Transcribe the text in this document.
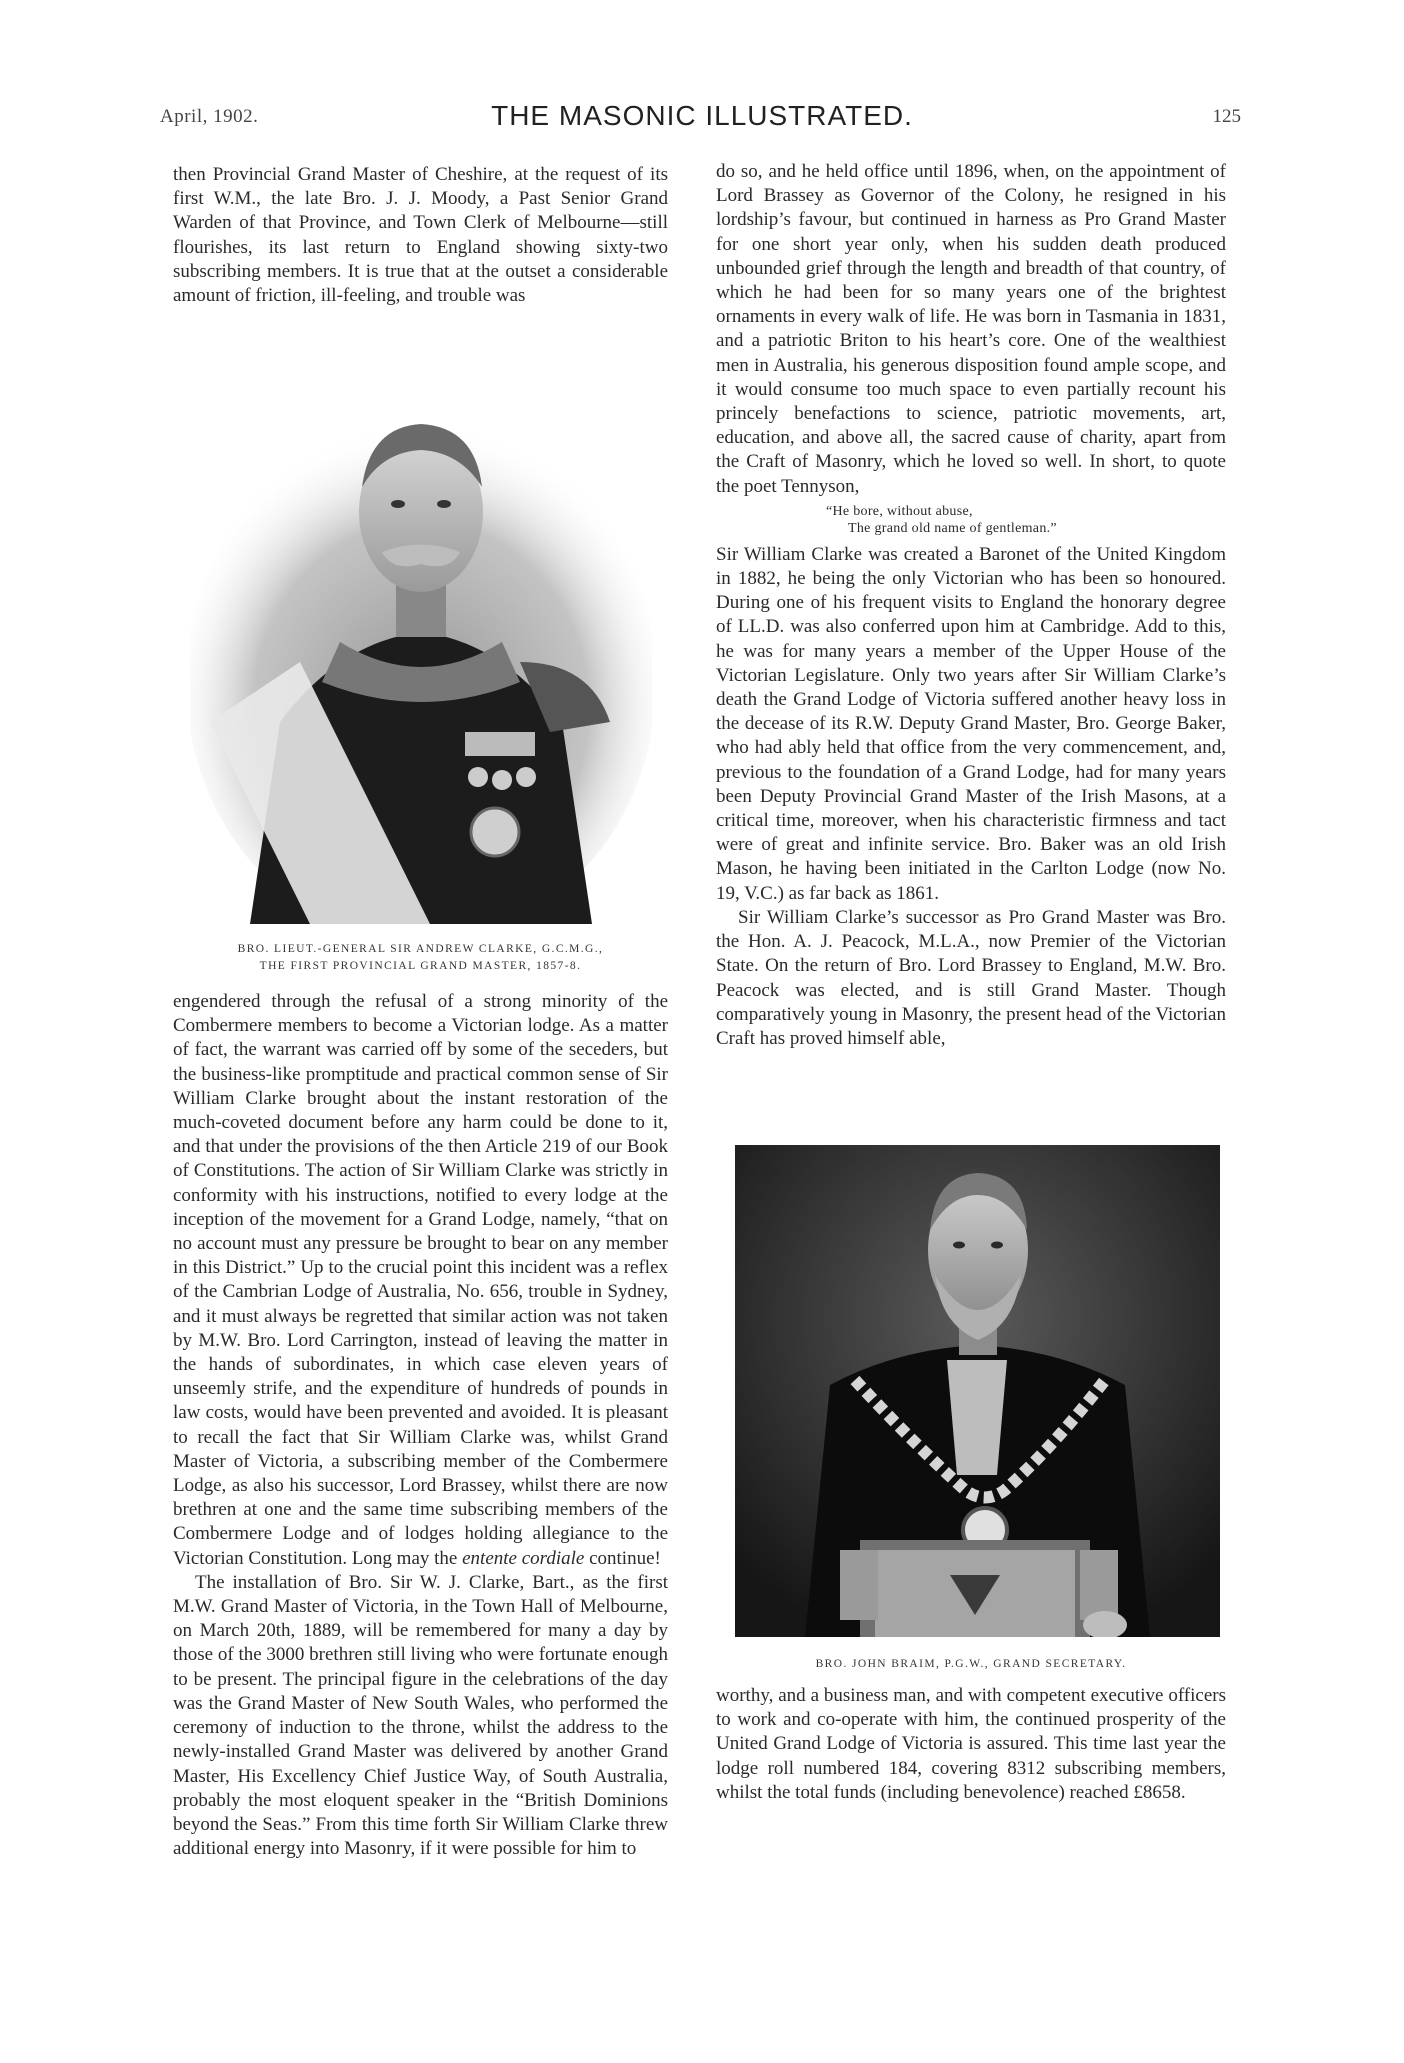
April, 1902.	THE MASONIC ILLUSTRATED.	125

then Provincial Grand Master of Cheshire, at the request of its first W.M., the late Bro. J. J. Moody, a Past Senior Grand Warden of that Province, and Town Clerk of Melbourne—still flourishes, its last return to England showing sixty-two subscribing members. It is true that at the outset a considerable amount of friction, ill-feeling, and trouble was

BRO. LIEUT.-GENERAL SIR ANDREW CLARKE, G.C.M.G.,
THE FIRST PROVINCIAL GRAND MASTER, 1857-8.

engendered through the refusal of a strong minority of the Combermere members to become a Victorian lodge. As a matter of fact, the warrant was carried off by some of the seceders, but the business-like promptitude and practical common sense of Sir William Clarke brought about the instant restoration of the much-coveted document before any harm could be done to it, and that under the provisions of the then Article 219 of our Book of Constitutions. The action of Sir William Clarke was strictly in conformity with his instructions, notified to every lodge at the inception of the movement for a Grand Lodge, namely, “that on no account must any pressure be brought to bear on any member in this District.” Up to the crucial point this incident was a reflex of the Cambrian Lodge of Australia, No. 656, trouble in Sydney, and it must always be regretted that similar action was not taken by M.W. Bro. Lord Carrington, instead of leaving the matter in the hands of subordinates, in which case eleven years of unseemly strife, and the expenditure of hundreds of pounds in law costs, would have been prevented and avoided. It is pleasant to recall the fact that Sir William Clarke was, whilst Grand Master of Victoria, a subscribing member of the Combermere Lodge, as also his successor, Lord Brassey, whilst there are now brethren at one and the same time subscribing members of the Combermere Lodge and of lodges holding allegiance to the Victorian Constitution. Long may the entente cordiale continue!

The installation of Bro. Sir W. J. Clarke, Bart., as the first M.W. Grand Master of Victoria, in the Town Hall of Melbourne, on March 20th, 1889, will be remembered for many a day by those of the 3000 brethren still living who were fortunate enough to be present. The principal figure in the celebrations of the day was the Grand Master of New South Wales, who performed the ceremony of induction to the throne, whilst the address to the newly-installed Grand Master was delivered by another Grand Master, His Excellency Chief Justice Way, of South Australia, probably the most eloquent speaker in the “British Dominions beyond the Seas.” From this time forth Sir William Clarke threw additional energy into Masonry, if it were possible for him to

do so, and he held office until 1896, when, on the appointment of Lord Brassey as Governor of the Colony, he resigned in his lordship’s favour, but continued in harness as Pro Grand Master for one short year only, when his sudden death produced unbounded grief through the length and breadth of that country, of which he had been for so many years one of the brightest ornaments in every walk of life. He was born in Tasmania in 1831, and a patriotic Briton to his heart’s core. One of the wealthiest men in Australia, his generous disposition found ample scope, and it would consume too much space to even partially recount his princely benefactions to science, patriotic movements, art, education, and above all, the sacred cause of charity, apart from the Craft of Masonry, which he loved so well. In short, to quote the poet Tennyson,

“He bore, without abuse,
The grand old name of gentleman.”

Sir William Clarke was created a Baronet of the United Kingdom in 1882, he being the only Victorian who has been so honoured. During one of his frequent visits to England the honorary degree of LL.D. was also conferred upon him at Cambridge. Add to this, he was for many years a member of the Upper House of the Victorian Legislature. Only two years after Sir William Clarke’s death the Grand Lodge of Victoria suffered another heavy loss in the decease of its R.W. Deputy Grand Master, Bro. George Baker, who had ably held that office from the very commencement, and, previous to the foundation of a Grand Lodge, had for many years been Deputy Provincial Grand Master of the Irish Masons, at a critical time, moreover, when his characteristic firmness and tact were of great and infinite service. Bro. Baker was an old Irish Mason, he having been initiated in the Carlton Lodge (now No. 19, V.C.) as far back as 1861.

Sir William Clarke’s successor as Pro Grand Master was Bro. the Hon. A. J. Peacock, M.L.A., now Premier of the Victorian State. On the return of Bro. Lord Brassey to England, M.W. Bro. Peacock was elected, and is still Grand Master. Though comparatively young in Masonry, the present head of the Victorian Craft has proved himself able,

BRO. JOHN BRAIM, P.G.W., GRAND SECRETARY.

worthy, and a business man, and with competent executive officers to work and co-operate with him, the continued prosperity of the United Grand Lodge of Victoria is assured. This time last year the lodge roll numbered 184, covering 8312 subscribing members, whilst the total funds (including benevolence) reached £8658.
